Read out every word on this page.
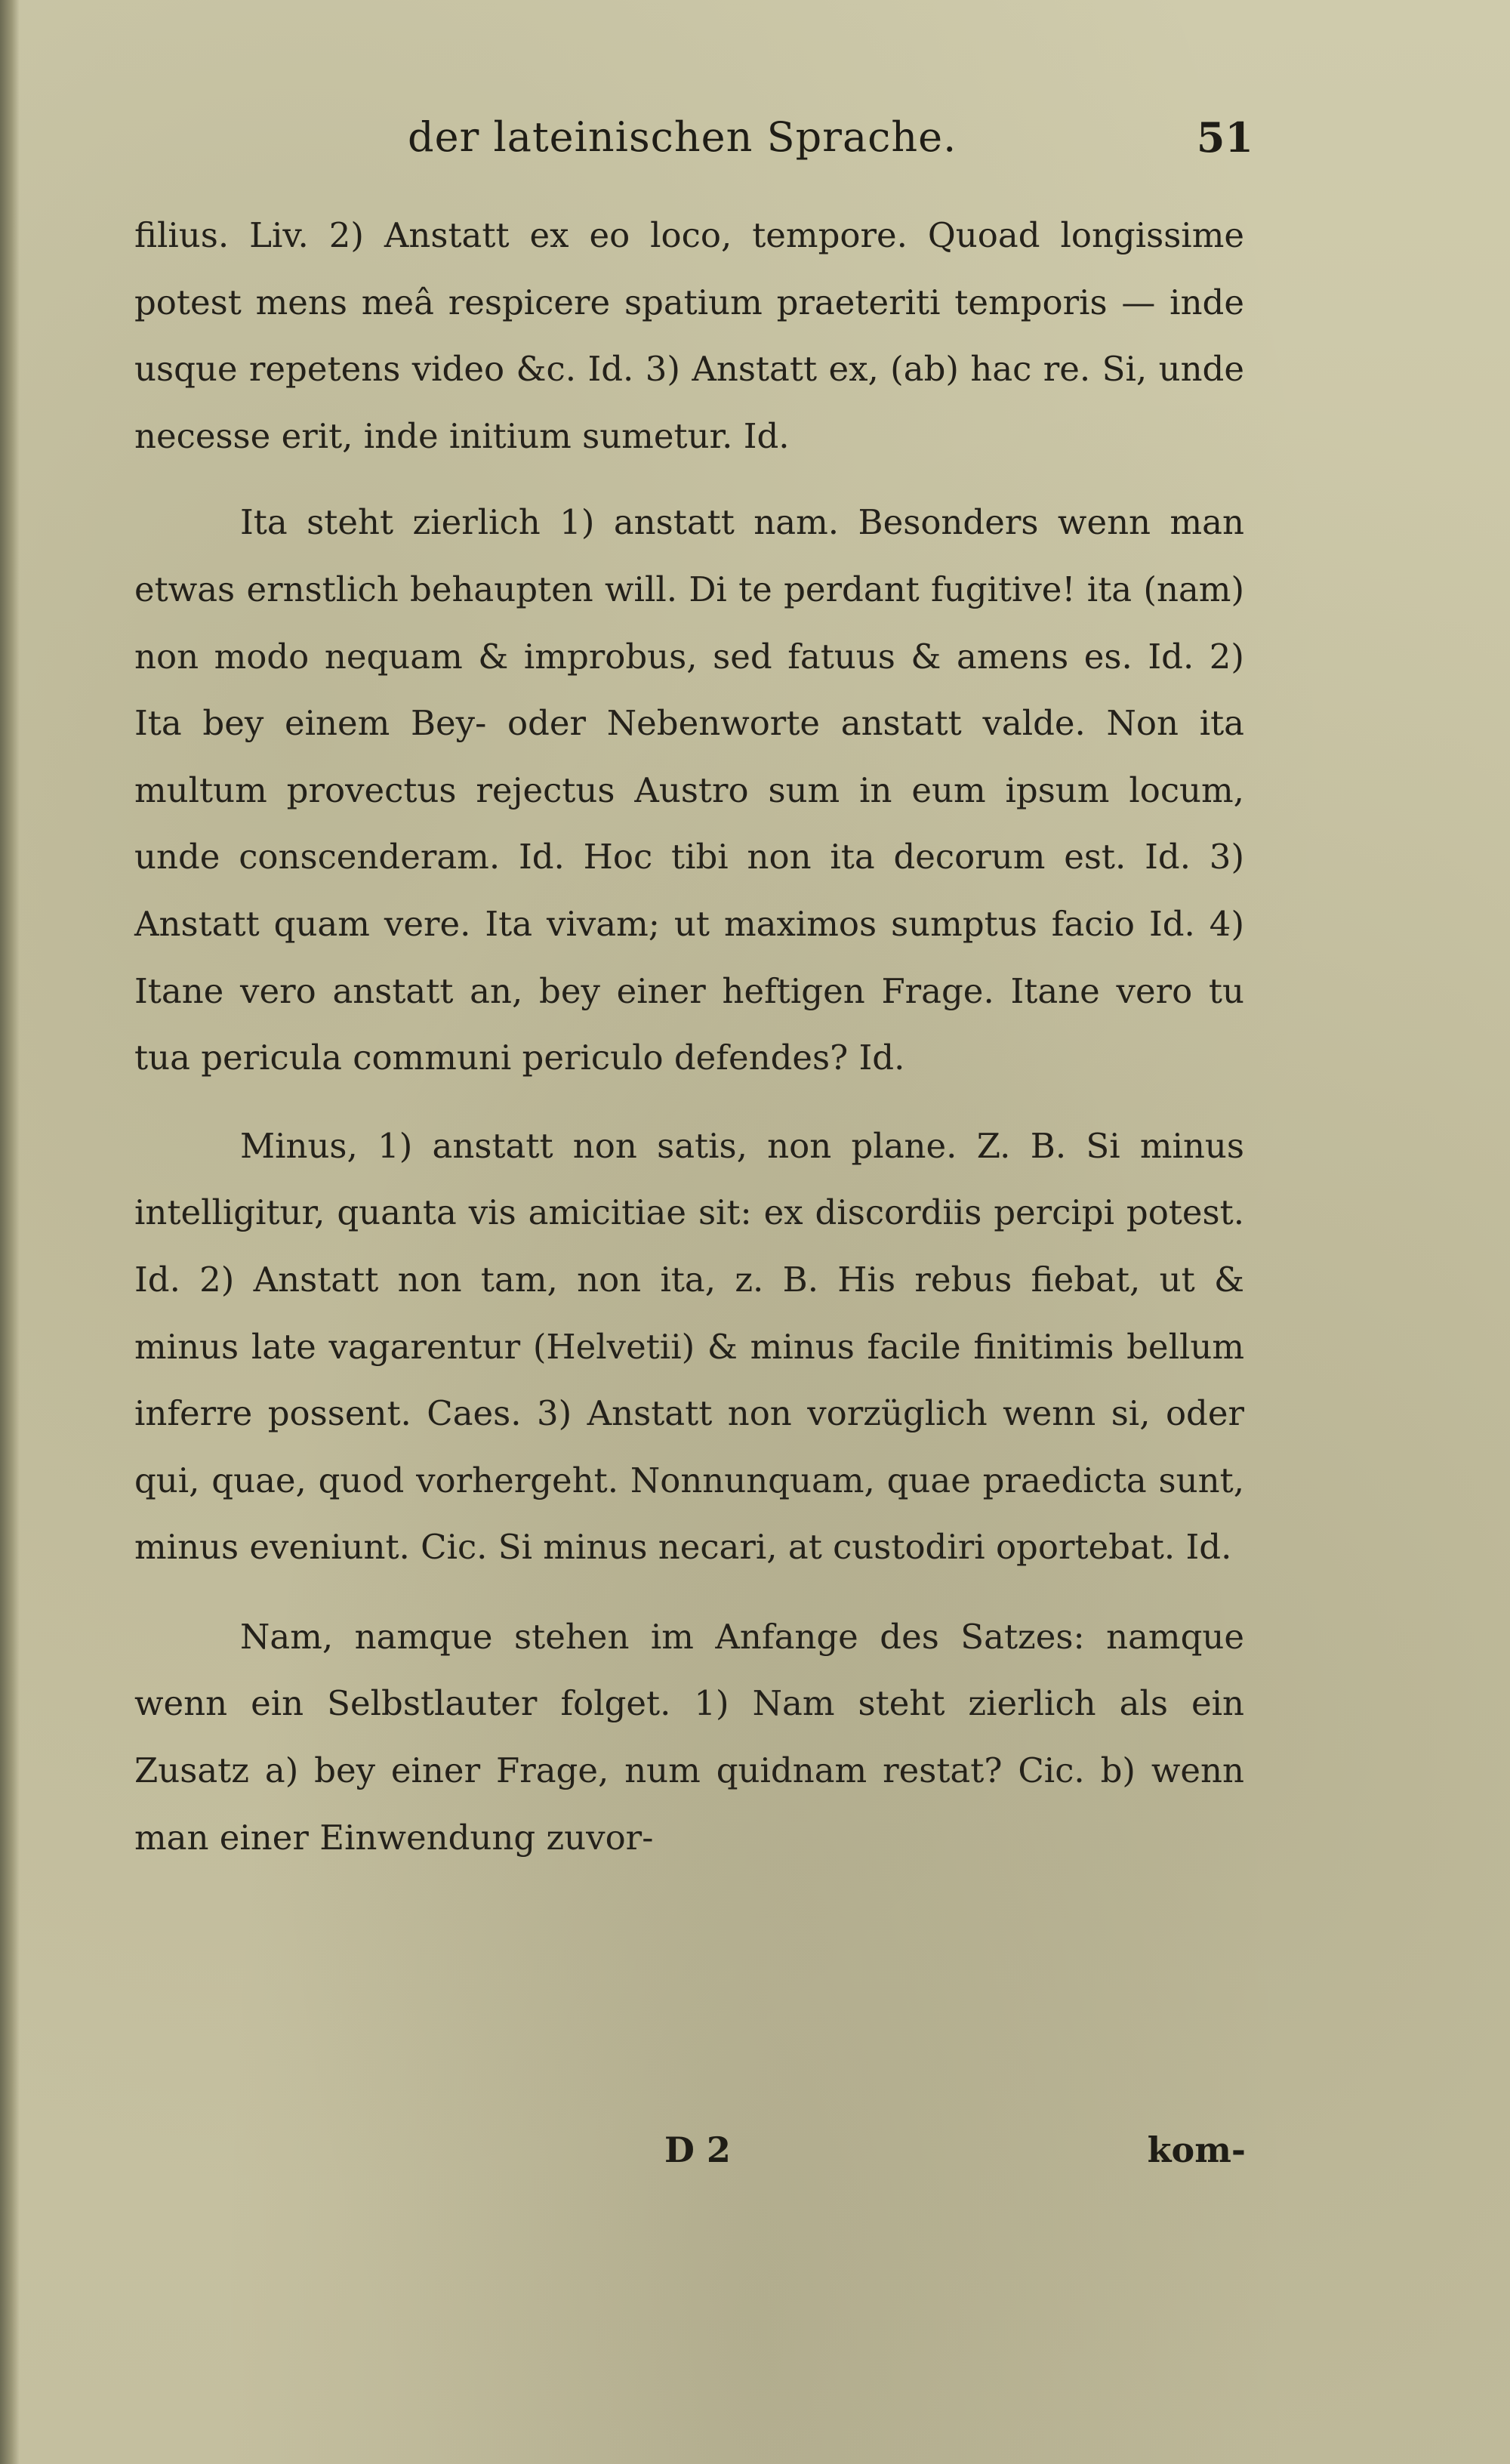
der lateinischen Sprache.	51

filius. Liv. 2) Anstatt ex eo loco, tempore. Quoad longissime potest mens meâ respicere spatium praeteriti temporis — inde usque repetens video &c. Id. 3) Anstatt ex, (ab) hac re. Si, unde necesse erit, inde initium sumetur. Id.

Ita steht zierlich 1) anstatt nam. Besonders wenn man etwas ernstlich behaupten will. Di te perdant fugitive! ita (nam) non modo nequam & improbus, sed fatuus & amens es. Id. 2) Ita bey einem Bey- oder Nebenworte anstatt valde. Non ita multum provectus rejectus Austro sum in eum ipsum locum, unde conscenderam. Id. Hoc tibi non ita decorum est. Id. 3) Anstatt quam vere. Ita vivam; ut maximos sumptus facio Id. 4) Itane vero anstatt an, bey einer heftigen Frage. Itane vero tu tua pericula communi periculo defendes? Id.

Minus, 1) anstatt non satis, non plane. Z. B. Si minus intelligitur, quanta vis amicitiae sit: ex discordiis percipi potest. Id. 2) Anstatt non tam, non ita, z. B. His rebus fiebat, ut & minus late vagarentur (Helvetii) & minus facile finitimis bellum inferre possent. Caes. 3) Anstatt non vorzüglich wenn si, oder qui, quae, quod vorhergeht. Nonnunquam, quae praedicta sunt, minus eveniunt. Cic. Si minus necari, at custodiri oportebat. Id.

Nam, namque stehen im Anfange des Satzes: namque wenn ein Selbstlauter folget. 1) Nam steht zierlich als ein Zusatz a) bey einer Frage, num quidnam restat? Cic. b) wenn man einer Einwendung zuvor-

D 2	kom-
